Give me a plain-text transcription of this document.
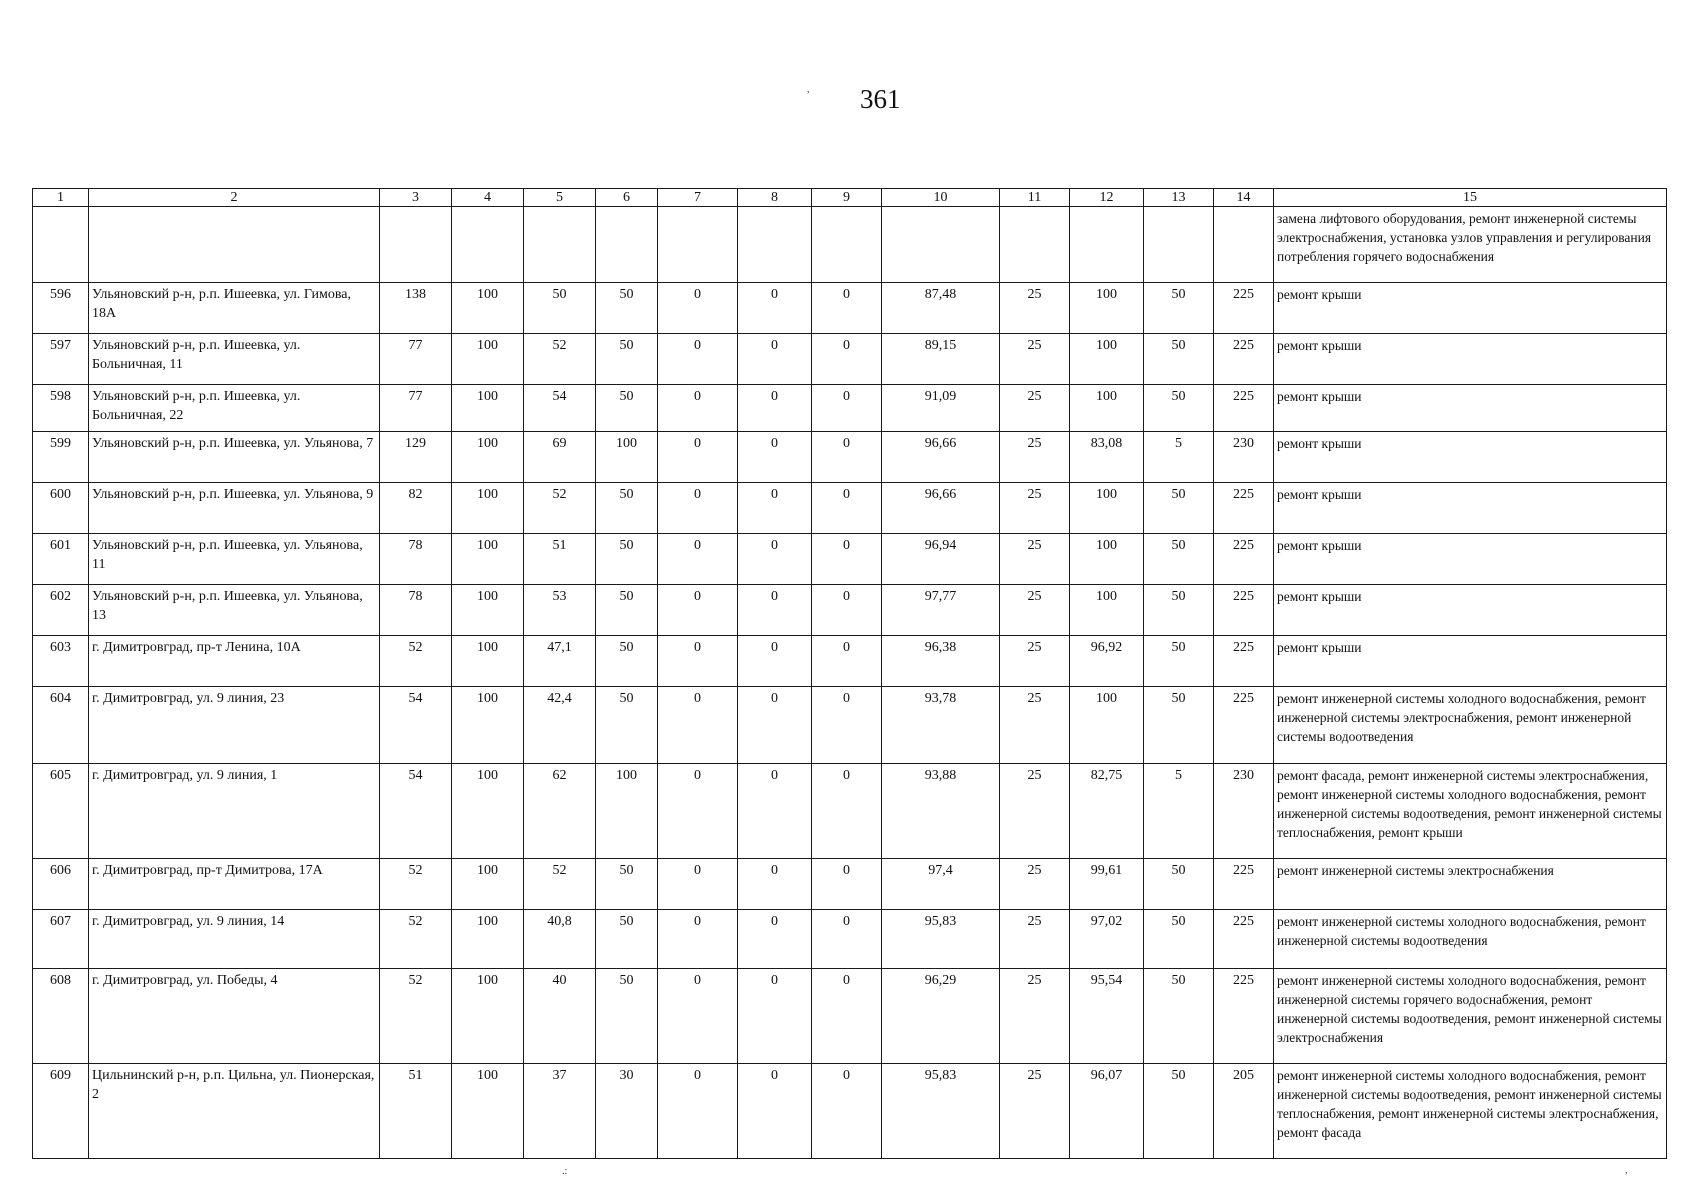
361
,
.:	,
1	2	3	4	5	6	7	8	9	10	11	12	13	14	15
														замена лифтового оборудования, ремонт инженерной системы электроснабжения, установка узлов управления и регулирования потребления горячего водоснабжения
596	Ульяновский р-н, р.п. Ишеевка, ул. Гимова, 18А	138	100	50	50	0	0	0	87,48	25	100	50	225	ремонт крыши
597	Ульяновский р-н, р.п. Ишеевка, ул. Больничная, 11	77	100	52	50	0	0	0	89,15	25	100	50	225	ремонт крыши
598	Ульяновский р-н, р.п. Ишеевка, ул. Больничная, 22	77	100	54	50	0	0	0	91,09	25	100	50	225	ремонт крыши
599	Ульяновский р-н, р.п. Ишеевка, ул. Ульянова, 7	129	100	69	100	0	0	0	96,66	25	83,08	5	230	ремонт крыши
600	Ульяновский р-н, р.п. Ишеевка, ул. Ульянова, 9	82	100	52	50	0	0	0	96,66	25	100	50	225	ремонт крыши
601	Ульяновский р-н, р.п. Ишеевка, ул. Ульянова, 11	78	100	51	50	0	0	0	96,94	25	100	50	225	ремонт крыши
602	Ульяновский р-н, р.п. Ишеевка, ул. Ульянова, 13	78	100	53	50	0	0	0	97,77	25	100	50	225	ремонт крыши
603	г. Димитровград, пр-т Ленина, 10А	52	100	47,1	50	0	0	0	96,38	25	96,92	50	225	ремонт крыши
604	г. Димитровград, ул. 9 линия, 23	54	100	42,4	50	0	0	0	93,78	25	100	50	225	ремонт инженерной системы холодного водоснабжения, ремонт инженерной системы электроснабжения, ремонт инженерной системы водоотведения
605	г. Димитровград, ул. 9 линия, 1	54	100	62	100	0	0	0	93,88	25	82,75	5	230	ремонт фасада, ремонт инженерной системы электроснабжения, ремонт инженерной системы холодного водоснабжения, ремонт инженерной системы водоотведения, ремонт инженерной системы теплоснабжения, ремонт крыши
606	г. Димитровград, пр-т Димитрова, 17А	52	100	52	50	0	0	0	97,4	25	99,61	50	225	ремонт инженерной системы электроснабжения
607	г. Димитровград, ул. 9 линия, 14	52	100	40,8	50	0	0	0	95,83	25	97,02	50	225	ремонт инженерной системы холодного водоснабжения, ремонт инженерной системы водоотведения
608	г. Димитровград, ул. Победы, 4	52	100	40	50	0	0	0	96,29	25	95,54	50	225	ремонт инженерной системы холодного водоснабжения, ремонт инженерной системы горячего водоснабжения, ремонт инженерной системы водоотведения, ремонт инженерной системы электроснабжения
609	Цильнинский р-н, р.п. Цильна, ул. Пионерская, 2	51	100	37	30	0	0	0	95,83	25	96,07	50	205	ремонт инженерной системы холодного водоснабжения, ремонт инженерной системы водоотведения, ремонт инженерной системы теплоснабжения, ремонт инженерной системы электроснабжения, ремонт фасада
